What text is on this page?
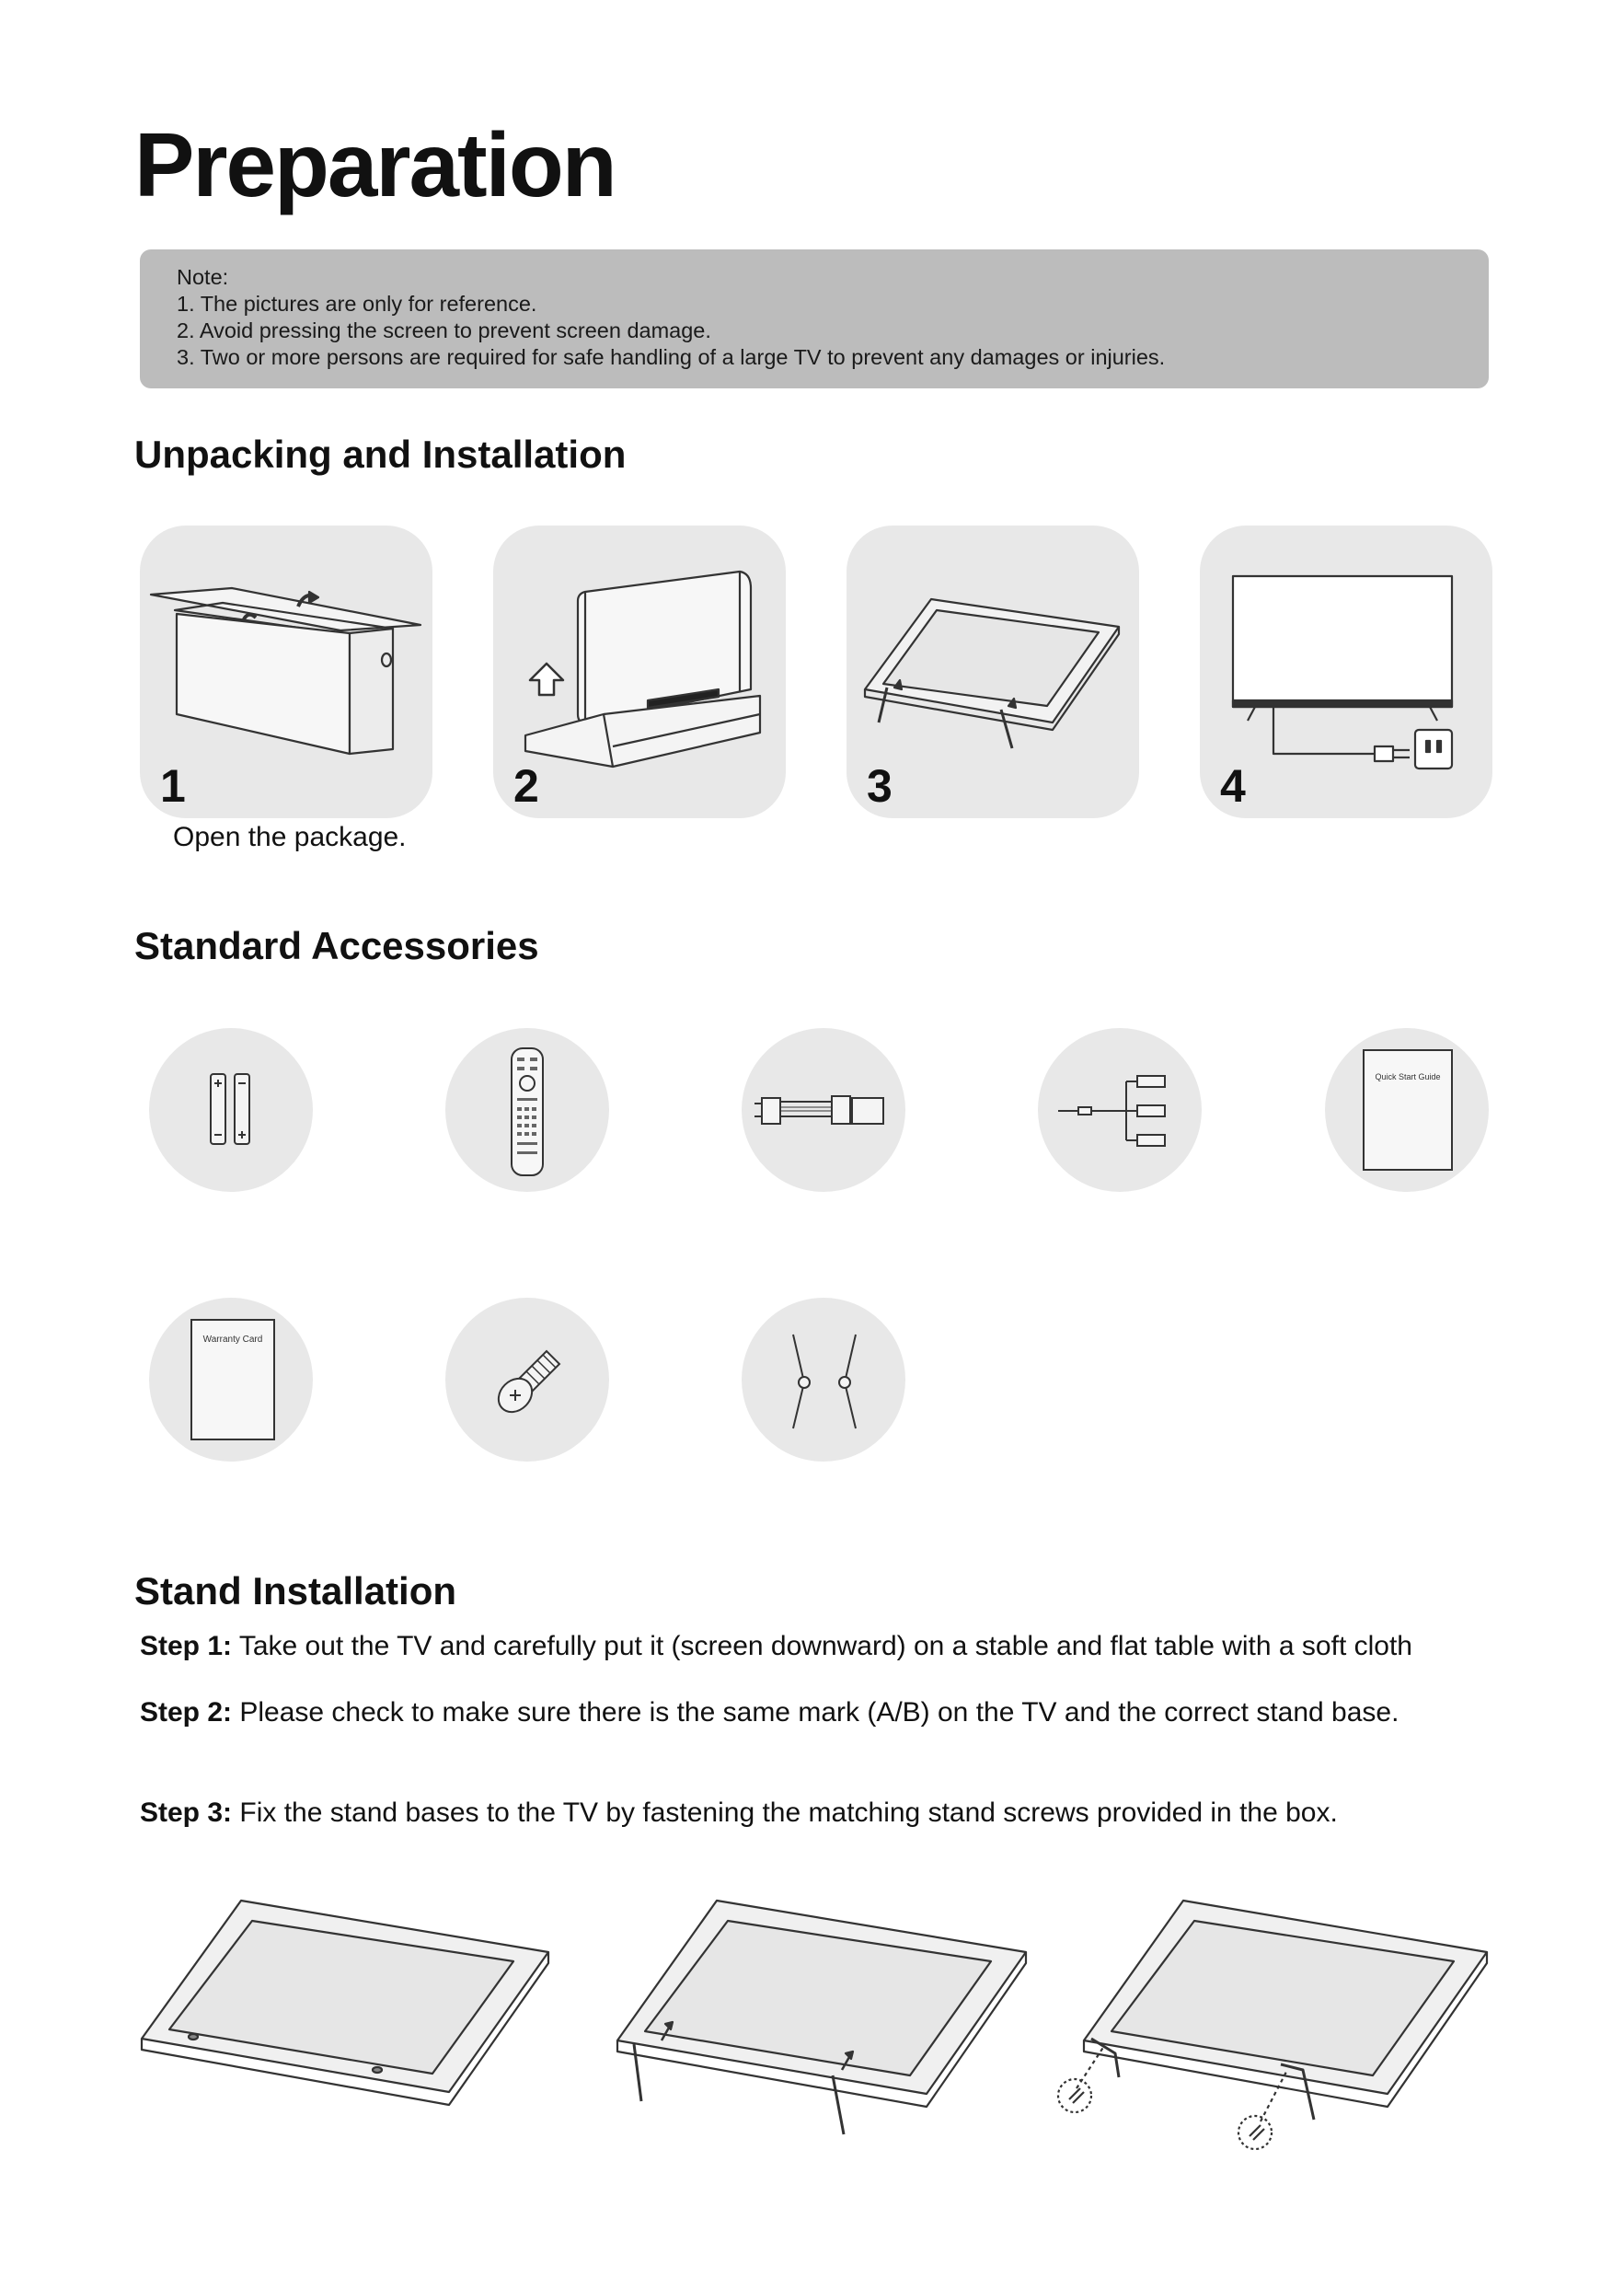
Preparation
Note:
1. The pictures are only for reference.
2. Avoid pressing the screen to prevent screen damage.
3. Two or more persons are required for safe handling of a large TV to prevent any damages or injuries.
Unpacking and Installation
1	2	3	4
Open the package.
Standard Accessories
Quick Start Guide
Warranty Card
Stand Installation
Step 1: Take out the TV and carefully put it (screen downward) on a stable and flat table with a soft cloth
Step 2: Please check to make sure there is the same mark (A/B) on the TV and the correct stand base.
Step 3: Fix the stand bases to the TV by fastening the matching stand screws provided in the box.
